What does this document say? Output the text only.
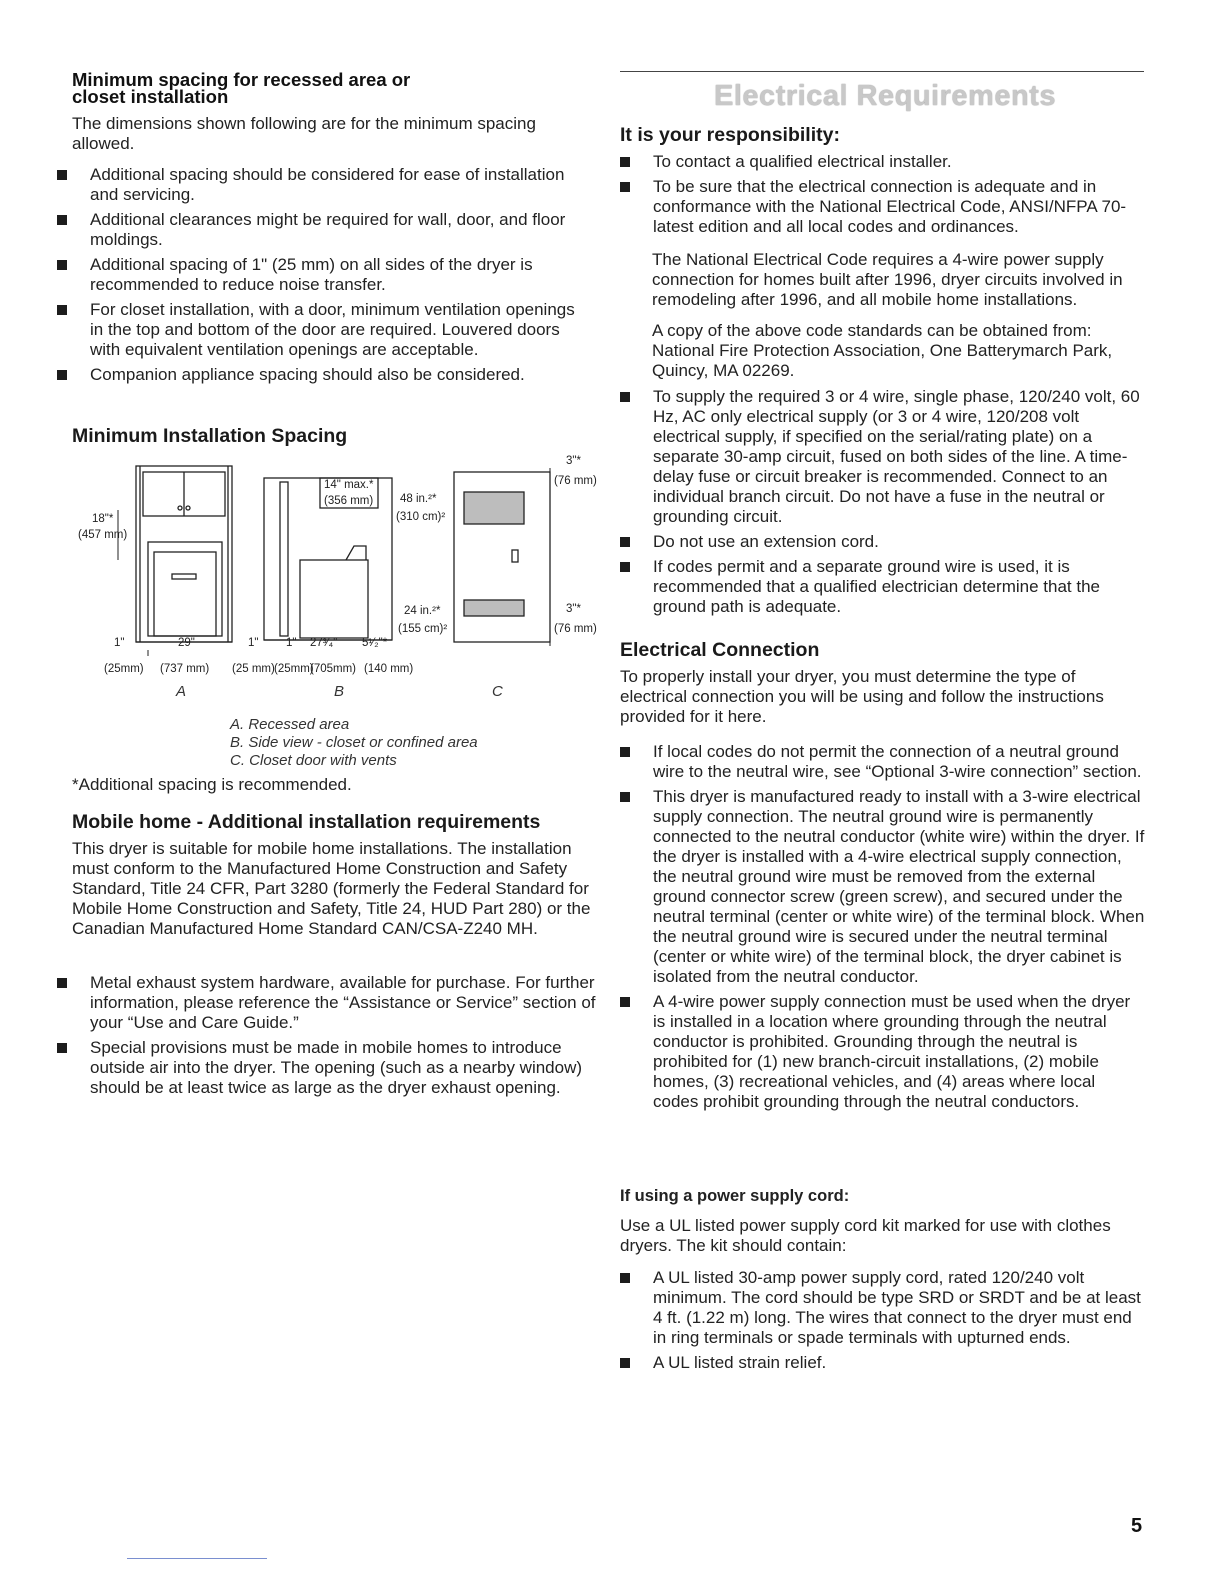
Minimum spacing for recessed area or
closet installation

The dimensions shown following are for the minimum spacing allowed.

Additional spacing should be considered for ease of installation and servicing.
Additional clearances might be required for wall, door, and floor moldings.
Additional spacing of 1" (25 mm) on all sides of the dryer is recommended to reduce noise transfer.
For closet installation, with a door, minimum ventilation openings in the top and bottom of the door are required. Louvered doors with equivalent ventilation openings are acceptable.
Companion appliance spacing should also be considered.
Minimum Installation Spacing
18"*
(457 mm)
1"
(25mm)
29"
(737 mm)
1"
(25 mm)
1"
(25mm)
27³⁄₄"
(705mm)
5¹⁄₂"*
(140 mm)
14" max.*
(356 mm) 48 in.²*
(310 cm)²
24 in.²*
(155 cm)²
3"*
(76 mm)
3"*
(76 mm)
A	B	C
A. Recessed area
B. Side view - closet or confined area
C. Closet door with vents

*Additional spacing is recommended.

Mobile home - Additional installation requirements

This dryer is suitable for mobile home installations. The installation must conform to the Manufactured Home Construction and Safety Standard, Title 24 CFR, Part 3280 (formerly the Federal Standard for Mobile Home Construction and Safety, Title 24, HUD Part 280) or the Canadian Manufactured Home Standard CAN/CSA-Z240 MH.

Metal exhaust system hardware, available for purchase. For further information, please reference the “Assistance or Service” section of your “Use and Care Guide.”
Special provisions must be made in mobile homes to introduce outside air into the dryer. The opening (such as a nearby window) should be at least twice as large as the dryer exhaust opening.
Electrical Requirements
It is your responsibility:
To contact a qualified electrical installer.
To be sure that the electrical connection is adequate and in conformance with the National Electrical Code, ANSI/NFPA 70-latest edition and all local codes and ordinances.

The National Electrical Code requires a 4-wire power supply connection for homes built after 1996, dryer circuits involved in remodeling after 1996, and all mobile home installations.

A copy of the above code standards can be obtained from: National Fire Protection Association, One Batterymarch Park, Quincy, MA 02269.

To supply the required 3 or 4 wire, single phase, 120/240 volt, 60 Hz, AC only electrical supply (or 3 or 4 wire, 120/208 volt electrical supply, if specified on the serial/rating plate) on a separate 30-amp circuit, fused on both sides of the line. A time-delay fuse or circuit breaker is recommended. Connect to an individual branch circuit. Do not have a fuse in the neutral or grounding circuit.
Do not use an extension cord.
If codes permit and a separate ground wire is used, it is recommended that a qualified electrician determine that the ground path is adequate.
Electrical Connection

To properly install your dryer, you must determine the type of electrical connection you will be using and follow the instructions provided for it here.

If local codes do not permit the connection of a neutral ground wire to the neutral wire, see “Optional 3-wire connection” section.
This dryer is manufactured ready to install with a 3-wire electrical supply connection. The neutral ground wire is permanently connected to the neutral conductor (white wire) within the dryer. If the dryer is installed with a 4-wire electrical supply connection, the neutral ground wire must be removed from the external ground connector screw (green screw), and secured under the neutral terminal (center or white wire) of the terminal block. When the neutral ground wire is secured under the neutral terminal (center or white wire) of the terminal block, the dryer cabinet is isolated from the neutral conductor.
A 4-wire power supply connection must be used when the dryer is installed in a location where grounding through the neutral conductor is prohibited. Grounding through the neutral is prohibited for (1) new branch-circuit installations, (2) mobile homes, (3) recreational vehicles, and (4) areas where local codes prohibit grounding through the neutral conductors.
If using a power supply cord:

Use a UL listed power supply cord kit marked for use with clothes dryers. The kit should contain:

A UL listed 30-amp power supply cord, rated 120/240 volt minimum. The cord should be type SRD or SRDT and be at least 4 ft. (1.22 m) long. The wires that connect to the dryer must end in ring terminals or spade terminals with upturned ends.
A UL listed strain relief.
5
